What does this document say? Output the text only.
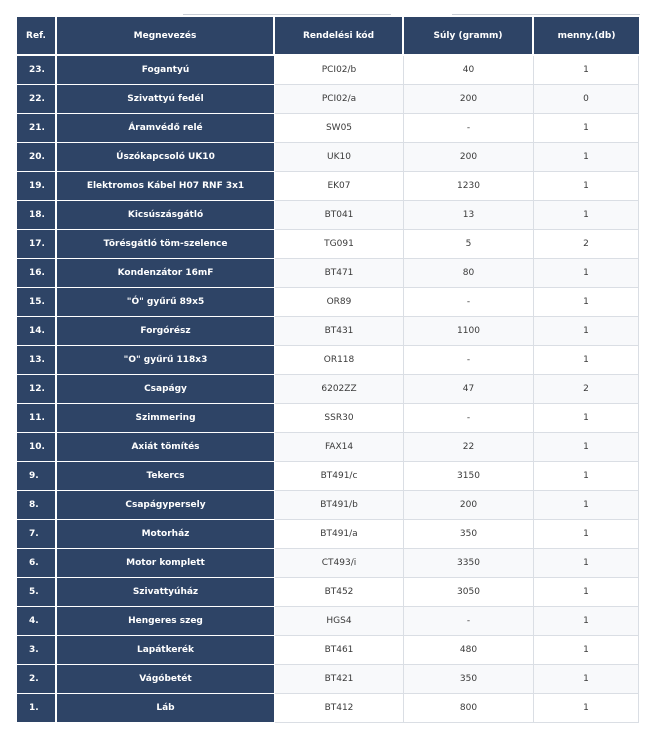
Ref.	Megnevezés	Rendelési kód	Súly (gramm)	menny.(db)
23.	Fogantyú	PCI02/b	40	1
22.	Szivattyú fedél	PCI02/a	200	0
21.	Áramvédő relé	SW05	-	1
20.	Úszókapcsoló UK10	UK10	200	1
19.	Elektromos Kábel H07 RNF 3x1	EK07	1230	1
18.	Kicsúszásgátló	BT041	13	1
17.	Törésgátló töm-szelence	TG091	5	2
16.	Kondenzátor 16mF	BT471	80	1
15.	"Ó" gyűrű 89x5	OR89	-	1
14.	Forgórész	BT431	1100	1
13.	"O" gyűrű 118x3	OR118	-	1
12.	Csapágy	6202ZZ	47	2
11.	Szimmering	SSR30	-	1
10.	Axiát tömítés	FAX14	22	1
9.	Tekercs	BT491/c	3150	1
8.	Csapágypersely	BT491/b	200	1
7.	Motorház	BT491/a	350	1
6.	Motor komplett	CT493/i	3350	1
5.	Szivattyúház	BT452	3050	1
4.	Hengeres szeg	HGS4	-	1
3.	Lapátkerék	BT461	480	1
2.	Vágóbetét	BT421	350	1
1.	Láb	BT412	800	1
